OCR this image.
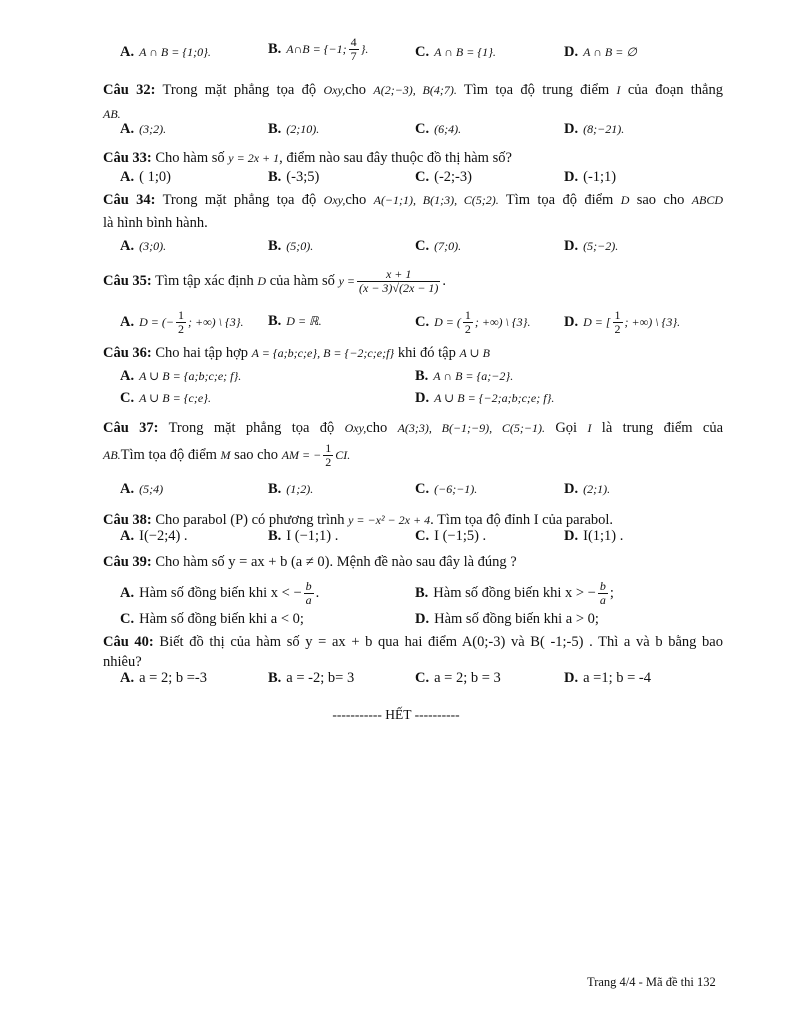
A. A ∩ B = {1;0}.	B. A∩B = {−1; $\frac{4}{7}$ }.	C. A ∩ B = {1}.	D. A ∩ B = ∅
Câu 32: Trong mặt phẳng tọa độ Oxy,cho A(2;−3), B(4;7). Tìm tọa độ trung điểm I của đoạn thẳng
AB.
A. (3;2).	B. (2;10).	C. (6;4).	D. (8;−21).
Câu 33: Cho hàm số y = 2x + 1, điểm nào sau đây thuộc đồ thị hàm số?
A. ( 1;0)	B. (-3;5)	C. (-2;-3)	D. (-1;1)
Câu 34: Trong mặt phẳng tọa độ Oxy,cho A(−1;1), B(1;3), C(5;2). Tìm tọa độ điểm D sao cho ABCD
là hình bình hành.
A. (3;0).	B. (5;0).	C. (7;0).	D. (5;−2).
Câu 35: Tìm tập xác định D của hàm số $y = \frac{x + 1}{(x - 3)√(2x - 1)}$ .
A. D = (− $\frac{1}{2}$ ; +∞) \ {3}. B. D = ℝ.	C. D = ( $\frac{1}{2}$ ; +∞) \ {3}. D. D = [ $\frac{1}{2}$ ; +∞) \ {3}.
Câu 36: Cho hai tập hợp A = {a;b;c;e}, B = {−2;c;e;f} khi đó tập A ∪ B
A. A ∪ B = {a;b;c;e; f}.	B. A ∩ B = {a;−2}.
C. A ∪ B = {c;e}.	D. A ∪ B = {−2;a;b;c;e; f}.
Câu 37: Trong mặt phẳng tọa độ Oxy,cho A(3;3), B(−1;−9), C(5;−1). Gọi I là trung điểm của
AB.Tìm tọa độ điểm M sao cho AM = − $\frac{1}{2}$ CI.
A. (5;4)	B. (1;2).	C. (−6;−1).	D. (2;1).
Câu 38: Cho parabol (P) có phương trình y = −x² − 2x + 4. Tìm tọa độ đỉnh I của parabol.
A. I(−2;4) .	B. I (−1;1) .	C. I (−1;5) .	D. I(1;1) .
Câu 39: Cho hàm số y = ax + b (a ≠ 0). Mệnh đề nào sau đây là đúng ?
A. Hàm số đồng biến khi x < − $\frac{b}{a}$ .	B. Hàm số đồng biến khi x > − $\frac{b}{a}$ ;
C. Hàm số đồng biến khi a < 0;	D. Hàm số đồng biến khi a > 0;
Câu 40: Biết đồ thị của hàm số y = ax + b qua hai điểm A(0;-3) và B( -1;-5) . Thì a và b bằng bao
nhiêu?
A. a = 2; b =-3	B. a = -2; b= 3	C. a = 2; b = 3	D. a =1; b = -4
----------- HẾT ----------
Trang 4/4 - Mã đề thi 132
